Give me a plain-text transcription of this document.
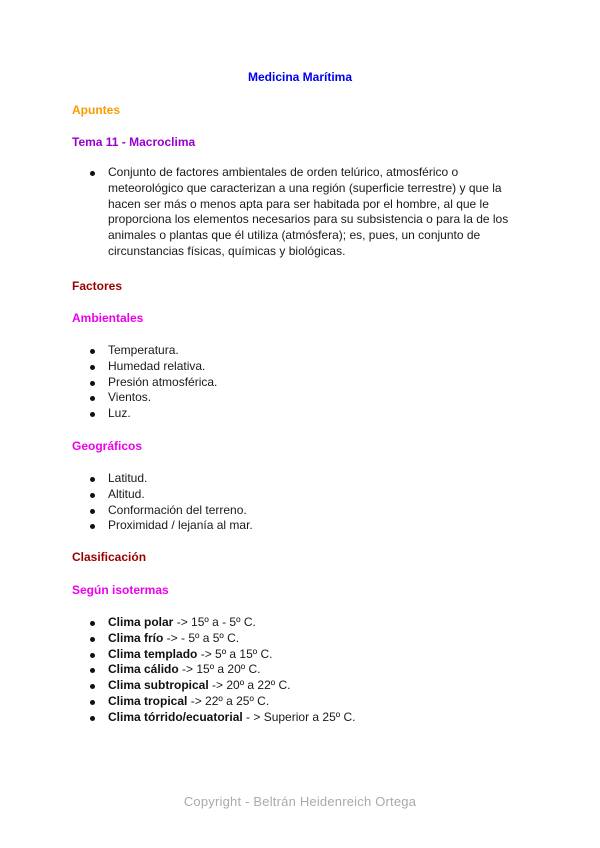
Medicina Marítima
Apuntes
Tema 11 - Macroclima
Conjunto de factores ambientales de orden telúrico, atmosférico o meteorológico que caracterizan a una región (superficie terrestre) y que la hacen ser más o menos apta para ser habitada por el hombre, al que le proporciona los elementos necesarios para su subsistencia o para la de los animales o plantas que él utiliza (atmósfera); es, pues, un conjunto de circunstancias físicas, químicas y biológicas.
Factores
Ambientales
Temperatura.
Humedad relativa.
Presión atmosférica.
Vientos.
Luz.
Geográficos
Latitud.
Altitud.
Conformación del terreno.
Proximidad / lejanía al mar.
Clasificación
Según isotermas
Clima polar -> 15º a - 5º C.
Clima frío -> - 5º a 5º C.
Clima templado -> 5º a 15º C.
Clima cálido -> 15º a 20º C.
Clima subtropical -> 20º a 22º C.
Clima tropical -> 22º a 25º C.
Clima tórrido/ecuatorial - > Superior a 25º C.
Copyright - Beltrán Heidenreich Ortega
